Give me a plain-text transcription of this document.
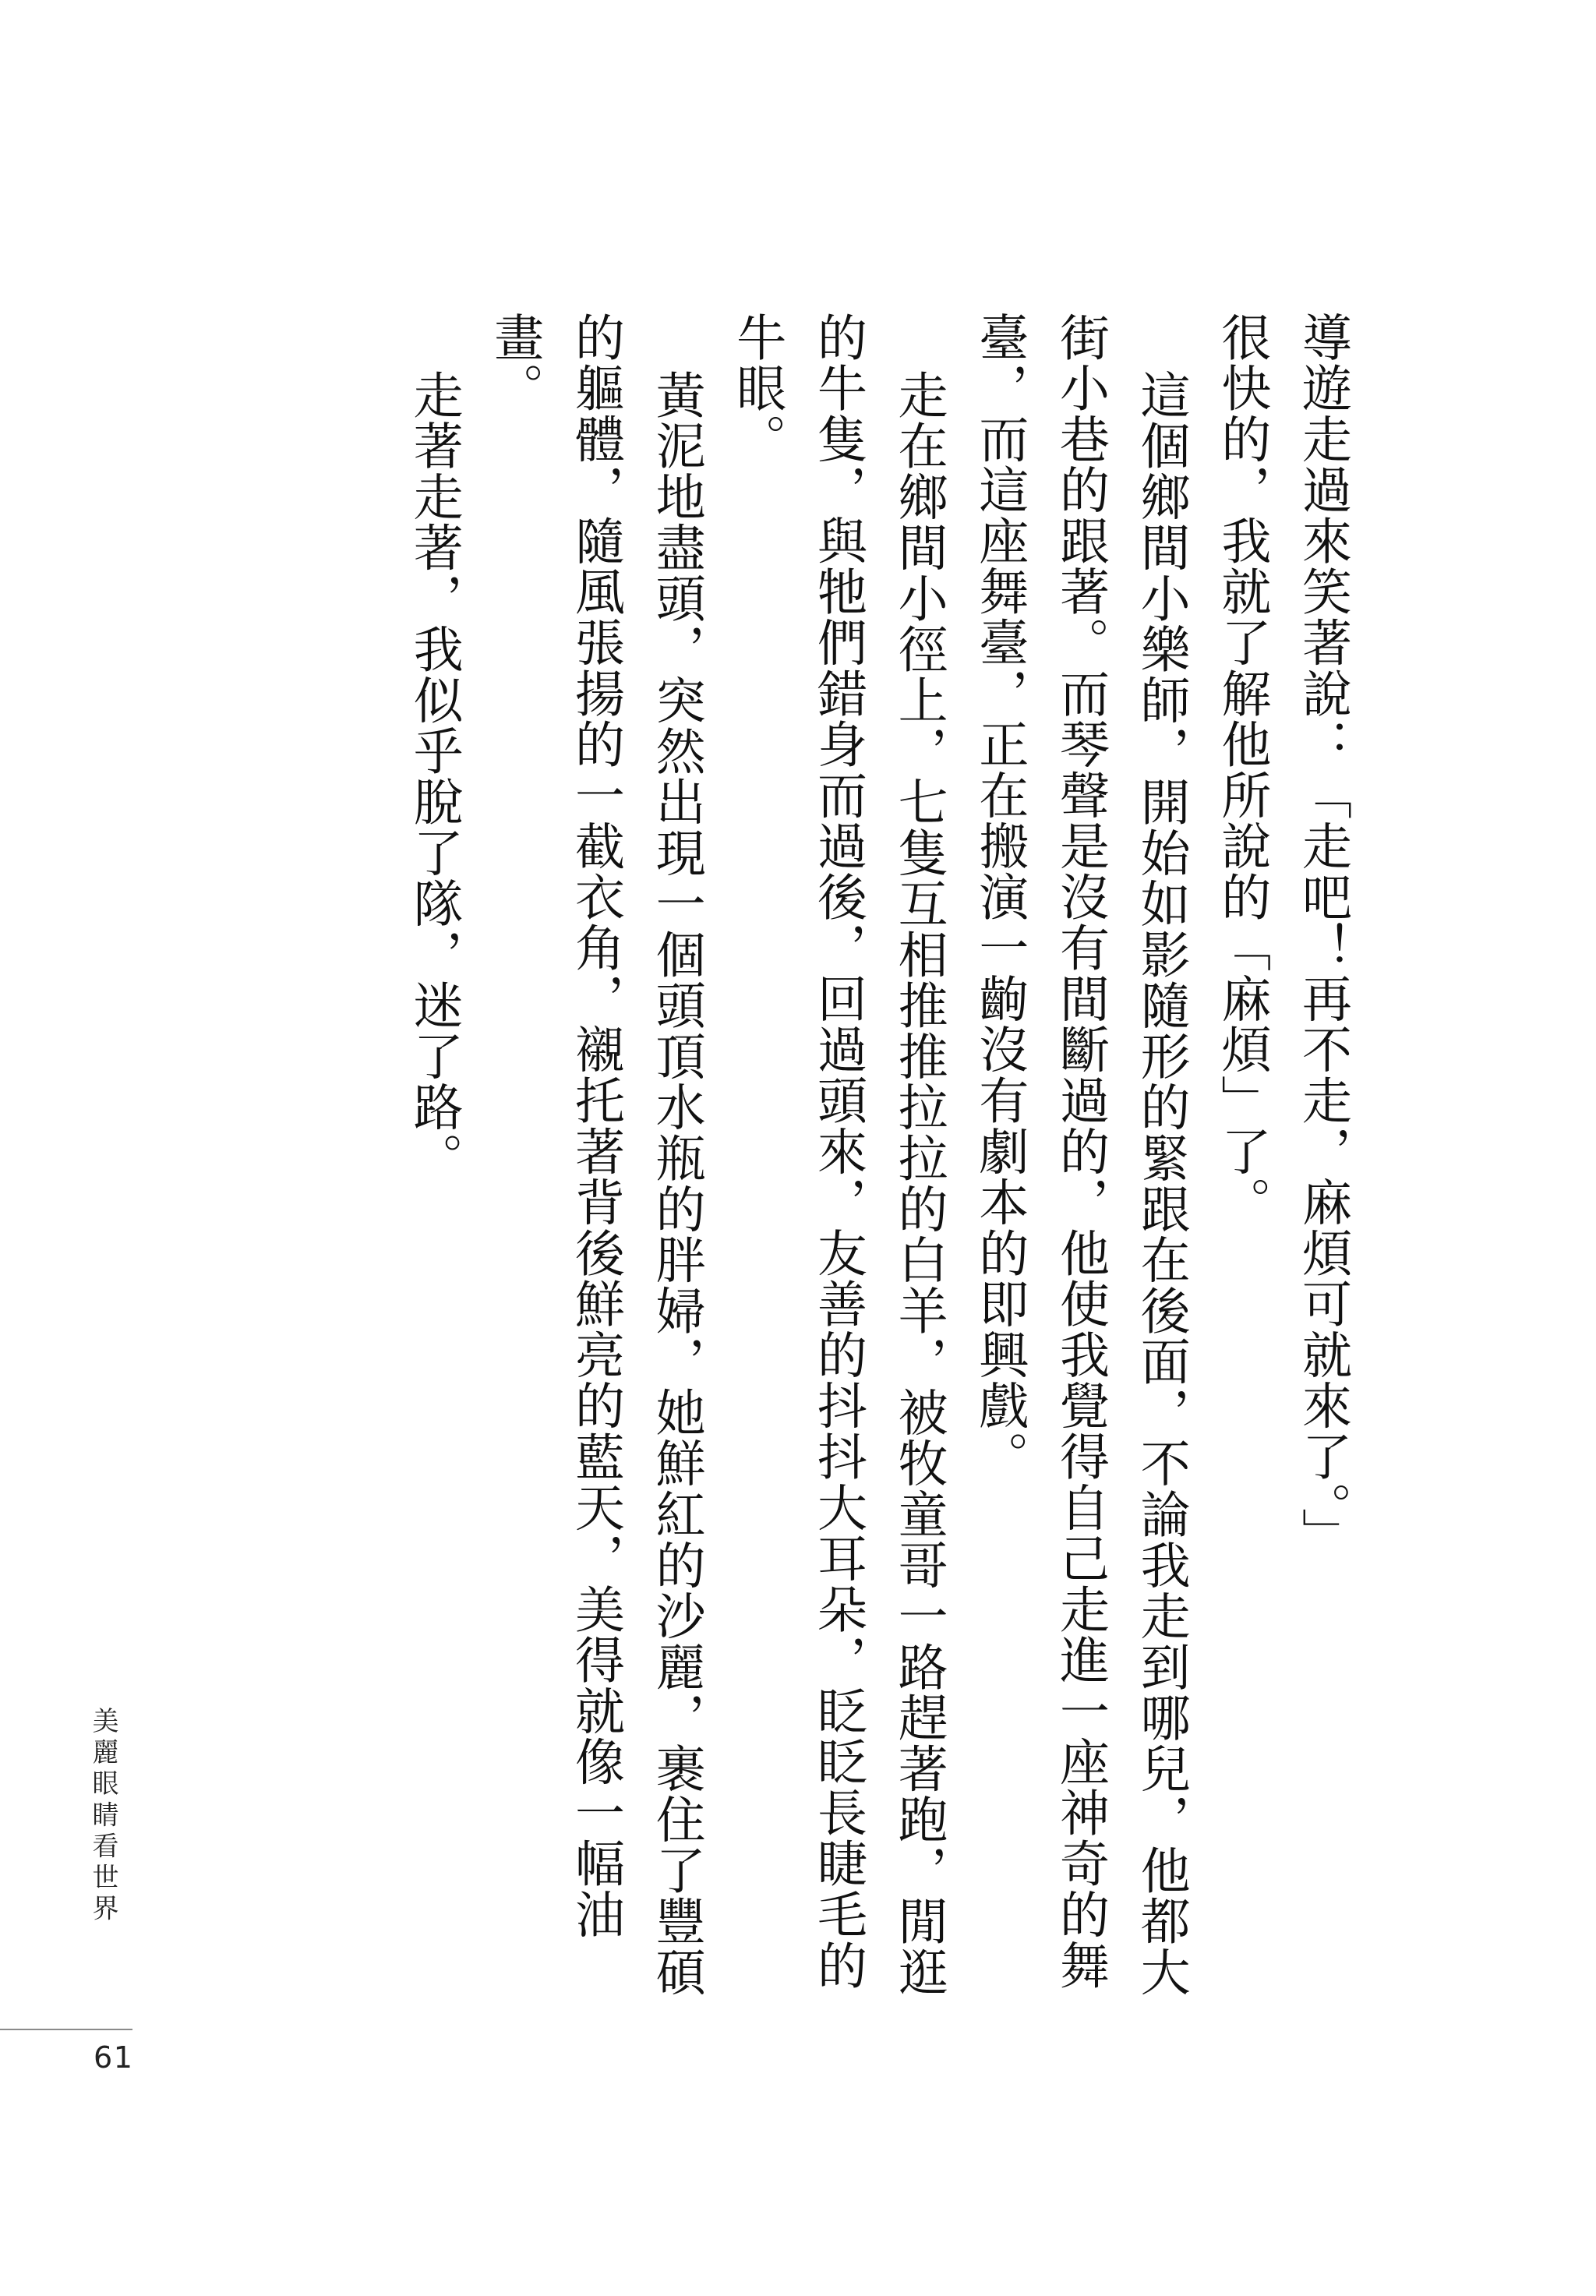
導遊走過來笑著說：「走吧！再不走，麻煩可就來了。」

很快的，我就了解他所說的「麻煩」了。

這個鄉間小樂師，開始如影隨形的緊跟在後面，不論我走到哪兒，他都大街小巷的跟著。而琴聲是沒有間斷過的，他使我覺得自己走進一座神奇的舞臺，而這座舞臺，正在搬演一齣沒有劇本的即興戲。

走在鄉間小徑上，七隻互相推推拉拉的白羊，被牧童哥一路趕著跑，閒逛的牛隻，與牠們錯身而過後，回過頭來，友善的抖抖大耳朵，眨眨長睫毛的牛眼。

黃泥地盡頭，突然出現一個頭頂水瓶的胖婦，她鮮紅的沙麗，裹住了豐碩的軀體，隨風張揚的一截衣角，襯托著背後鮮亮的藍天，美得就像一幅油畫。

走著走著，我似乎脫了隊，迷了路。

美麗眼睛看世界
61
